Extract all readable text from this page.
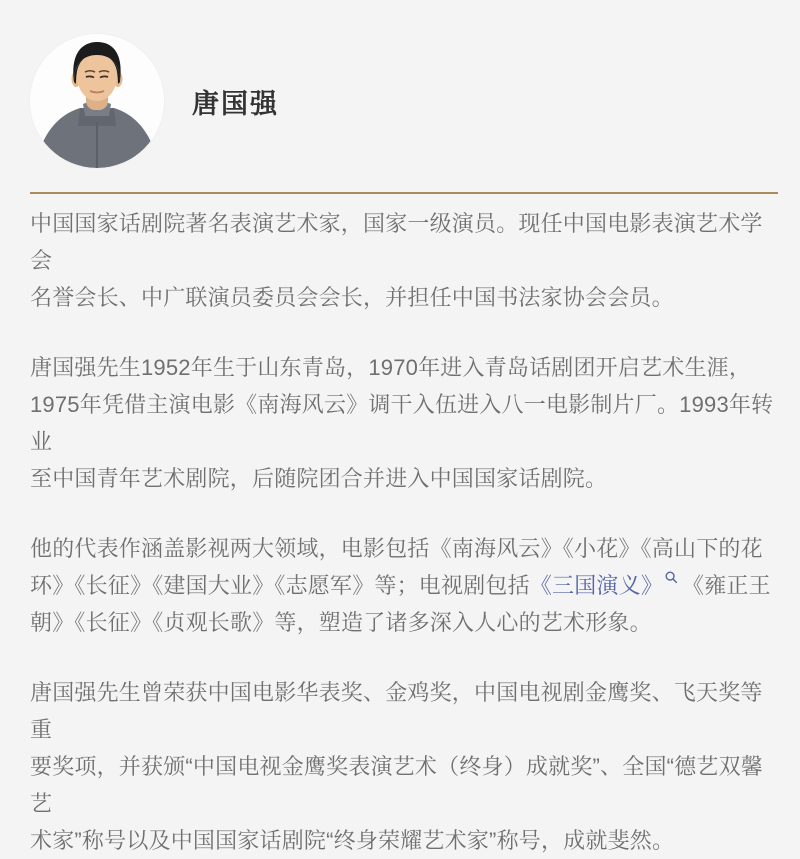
唐国强

中国国家话剧院著名表演艺术家，国家一级演员。现任中国电影表演艺术学会
名誉会长、中广联演员委员会会长，并担任中国书法家协会会员。

唐国强先生1952年生于山东青岛，1970年进入青岛话剧团开启艺术生涯，
1975年凭借主演电影《南海风云》调干入伍进入八一电影制片厂。1993年转业
至中国青年艺术剧院，后随院团合并进入中国国家话剧院。

他的代表作涵盖影视两大领域，电影包括《南海风云》《小花》《高山下的花
环》《长征》《建国大业》《志愿军》等；电视剧包括《三国演义》 《雍正王
朝》《长征》《贞观长歌》等，塑造了诸多深入人心的艺术形象。

唐国强先生曾荣获中国电影华表奖、金鸡奖，中国电视剧金鹰奖、飞天奖等重
要奖项，并获颁“中国电视金鹰奖表演艺术（终身）成就奖”、全国“德艺双馨艺
术家”称号以及中国国家话剧院“终身荣耀艺术家”称号，成就斐然。
